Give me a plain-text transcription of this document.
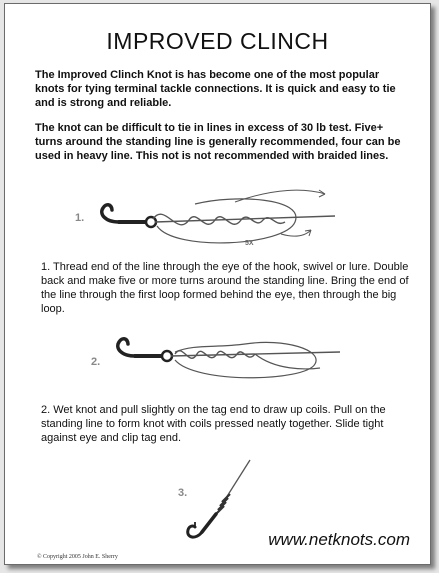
IMPROVED CLINCH

The Improved Clinch Knot is has become one of the most popular knots for tying terminal tackle connections. It is quick and easy to tie and is strong and reliable.

The knot can be difficult to tie in lines in excess of 30 lb test. Five+ turns around the standing line is generally recommended, four can be used in heavy line. This not is not recommended with braided lines.

1.
5X

1. Thread end of the line through the eye of the hook, swivel or lure. Double back and make five or more turns around the standing line. Bring the end of the line through the first loop formed behind the eye, then through the big loop.

2.

2. Wet knot and pull slightly on the tag end to draw up coils. Pull on the standing line to form knot with coils pressed neatly together. Slide tight against eye and clip tag end.

3.
www.netknots.com
© Copyright 2005 John E. Sherry
